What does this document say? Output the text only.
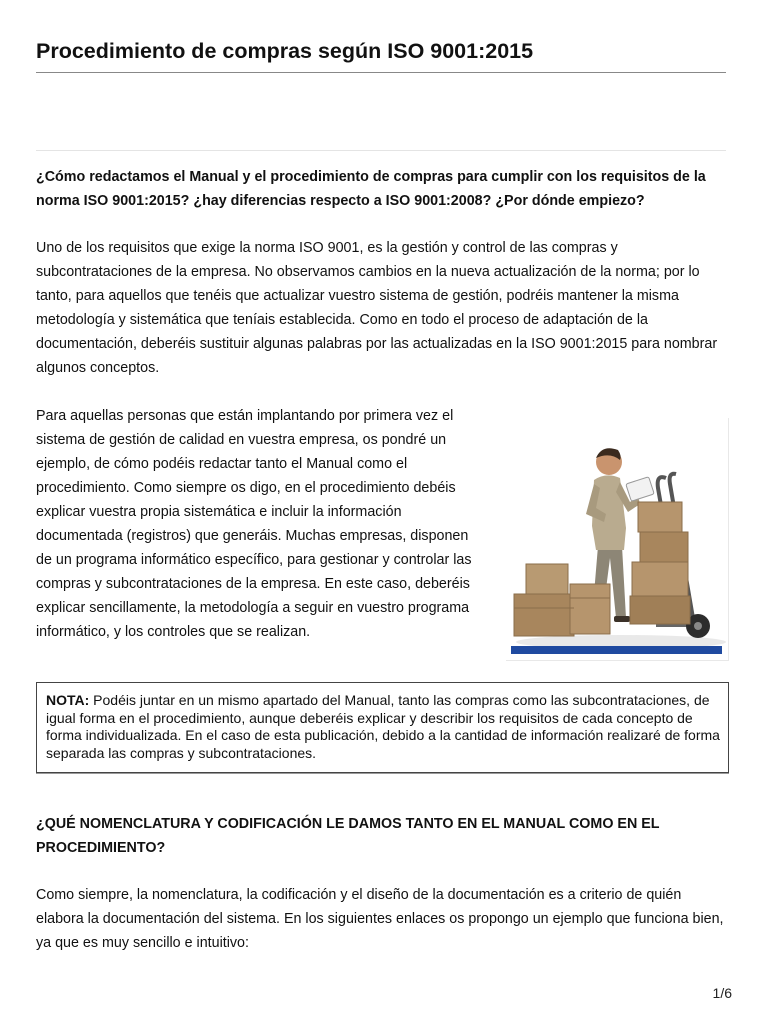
Procedimiento de compras según ISO 9001:2015

¿Cómo redactamos el Manual y el procedimiento de compras para cumplir con los requisitos de la norma ISO 9001:2015? ¿hay diferencias respecto a ISO 9001:2008? ¿Por dónde empiezo?

Uno de los requisitos que exige la norma ISO 9001, es la gestión y control de las compras y subcontrataciones de la empresa. No observamos cambios en la nueva actualización de la norma; por lo tanto, para aquellos que tenéis que actualizar vuestro sistema de gestión, podréis mantener la misma metodología y sistemática que teníais establecida. Como en todo el proceso de adaptación de la documentación, deberéis sustituir algunas palabras por las actualizadas en la ISO 9001:2015 para nombrar algunos conceptos.

Para aquellas personas que están implantando por primera vez el sistema de gestión de calidad en vuestra empresa, os pondré un ejemplo, de cómo podéis redactar tanto el Manual como el procedimiento. Como siempre os digo, en el procedimiento debéis explicar vuestra propia sistemática e incluir la información documentada (registros) que generáis. Muchas empresas, disponen de un programa informático específico, para gestionar y controlar las compras y subcontrataciones de la empresa. En este caso, deberéis explicar sencillamente, la metodología a seguir en vuestro programa informático, y los controles que se realizan.

NOTA: Podéis juntar en un mismo apartado del Manual, tanto las compras como las subcontrataciones, de igual forma en el procedimiento, aunque deberéis explicar y describir los requisitos de cada concepto de forma individualizada. En el caso de esta publicación, debido a la cantidad de información realizaré de forma separada las compras y subcontrataciones.

¿QUÉ NOMENCLATURA Y CODIFICACIÓN LE DAMOS TANTO EN EL MANUAL COMO EN EL PROCEDIMIENTO?

Como siempre, la nomenclatura, la codificación y el diseño de la documentación es a criterio de quién elabora la documentación del sistema. En los siguientes enlaces os propongo un ejemplo que funciona bien, ya que es muy sencillo e intuitivo:

1/6
